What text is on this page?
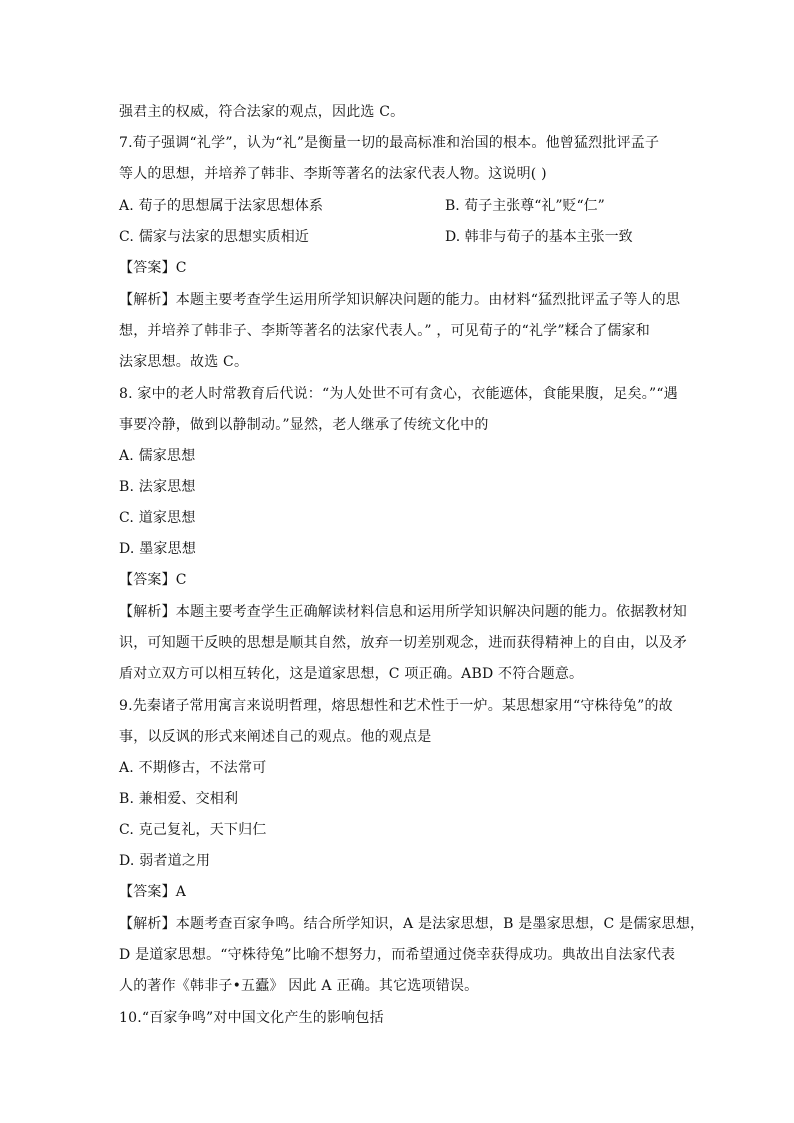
强君主的权威，符合法家的观点，因此选 C。
7.荀子强调“礼学”，认为“礼”是衡量一切的最高标准和治国的根本。他曾猛烈批评孟子
等人的思想，并培养了韩非、李斯等著名的法家代表人物。这说明( )
A. 荀子的思想属于法家思想体系	B. 荀子主张尊“礼”贬“仁”
C. 儒家与法家的思想实质相近	D. 韩非与荀子的基本主张一致
【答案】C
【解析】本题主要考查学生运用所学知识解决问题的能力。由材料“猛烈批评孟子等人的思
想，并培养了韩非子、李斯等著名的法家代表人。” ，可见荀子的“礼学”糅合了儒家和
法家思想。故选 C。
8. 家中的老人时常教育后代说：“为人处世不可有贪心，衣能遮体，食能果腹，足矣。”“遇
事要冷静，做到以静制动。”显然，老人继承了传统文化中的
A. 儒家思想
B. 法家思想
C. 道家思想
D. 墨家思想
【答案】C
【解析】本题主要考查学生正确解读材料信息和运用所学知识解决问题的能力。依据教材知
识，可知题干反映的思想是顺其自然，放弃一切差别观念，进而获得精神上的自由，以及矛
盾对立双方可以相互转化，这是道家思想，C 项正确。ABD 不符合题意。
9.先秦诸子常用寓言来说明哲理，熔思想性和艺术性于一炉。某思想家用“守株待兔”的故
事，以反讽的形式来阐述自己的观点。他的观点是
A. 不期修古，不法常可
B. 兼相爱、交相利
C. 克己复礼，天下归仁
D. 弱者道之用
【答案】A
【解析】本题考查百家争鸣。结合所学知识，A 是法家思想，B 是墨家思想，C 是儒家思想，
D 是道家思想。“守株待兔”比喻不想努力，而希望通过侥幸获得成功。典故出自法家代表
人的著作《韩非子•五蠹》 因此 A 正确。其它选项错误。
10.“百家争鸣”对中国文化产生的影响包括
